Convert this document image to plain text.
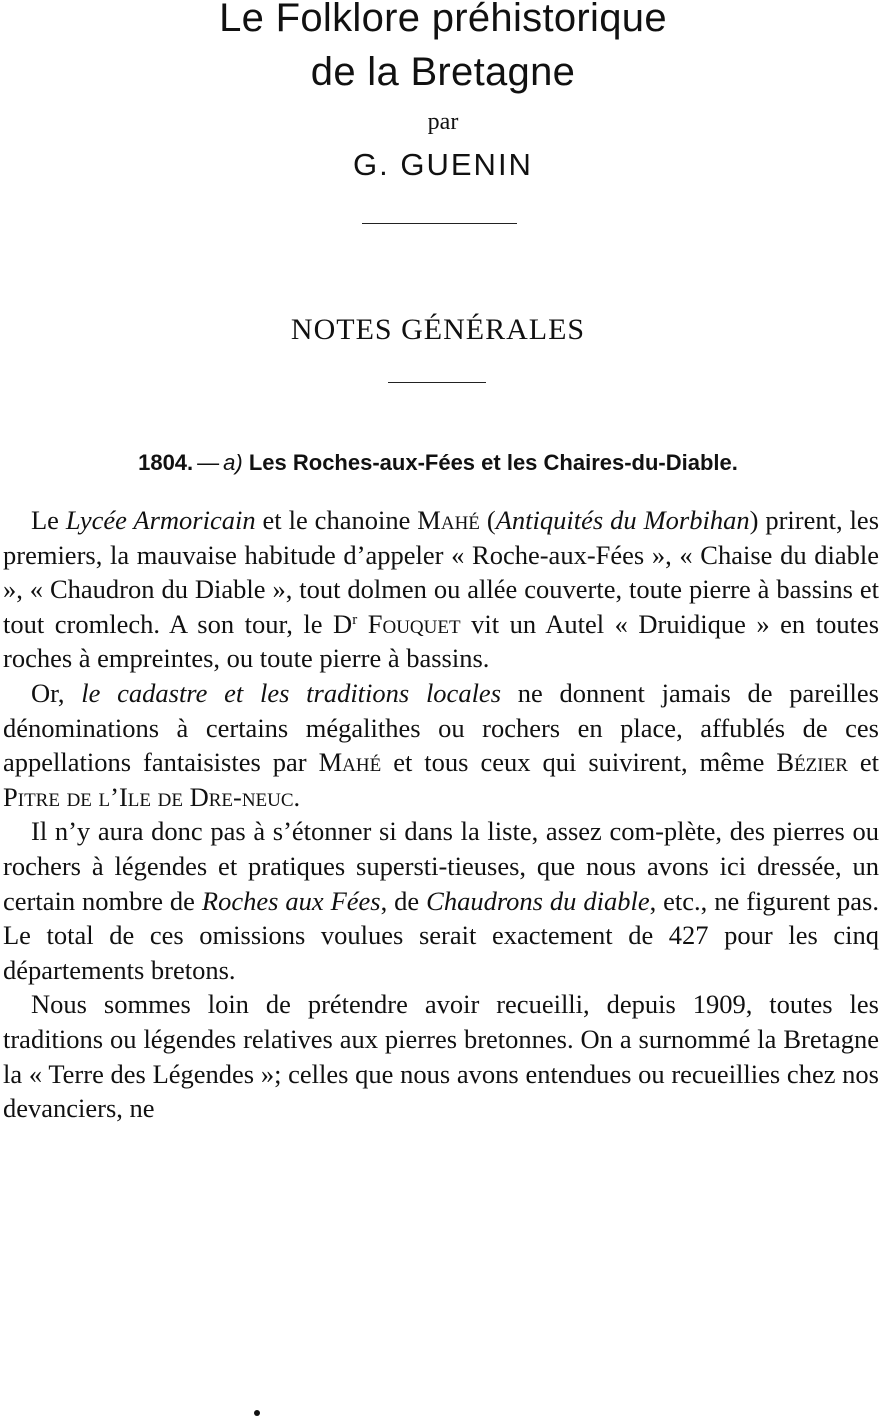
Le Folklore préhistorique
de la Bretagne
par
G. GUENIN
NOTES GÉNÉRALES
1804. — a) Les Roches-aux-Fées et les Chaires-du-Diable.

Le Lycée Armoricain et le chanoine Mahé (Antiquités du Morbihan) prirent, les premiers, la mauvaise habitude d’appeler « Roche-aux-Fées », « Chaise du diable », « Chaudron du Diable », tout dolmen ou allée couverte, toute pierre à bassins et tout cromlech. A son tour, le $D^r$ Fouquet vit un Autel « Druidique » en toutes roches à empreintes, ou toute pierre à bassins.

Or, le cadastre et les traditions locales ne donnent jamais de pareilles dénominations à certains mégalithes ou rochers en place, affublés de ces appellations fantaisistes par Mahé et tous ceux qui suivirent, même Bézier et Pitre de l’Ile de Dre-neuc.

Il n’y aura donc pas à s’étonner si dans la liste, assez com-plète, des pierres ou rochers à légendes et pratiques supersti-tieuses, que nous avons ici dressée, un certain nombre de Roches aux Fées, de Chaudrons du diable, etc., ne figurent pas. Le total de ces omissions voulues serait exactement de 427 pour les cinq départements bretons.

Nous sommes loin de prétendre avoir recueilli, depuis 1909, toutes les traditions ou légendes relatives aux pierres bretonnes. On a surnommé la Bretagne la « Terre des Légendes »; celles que nous avons entendues ou recueillies chez nos devanciers, ne
